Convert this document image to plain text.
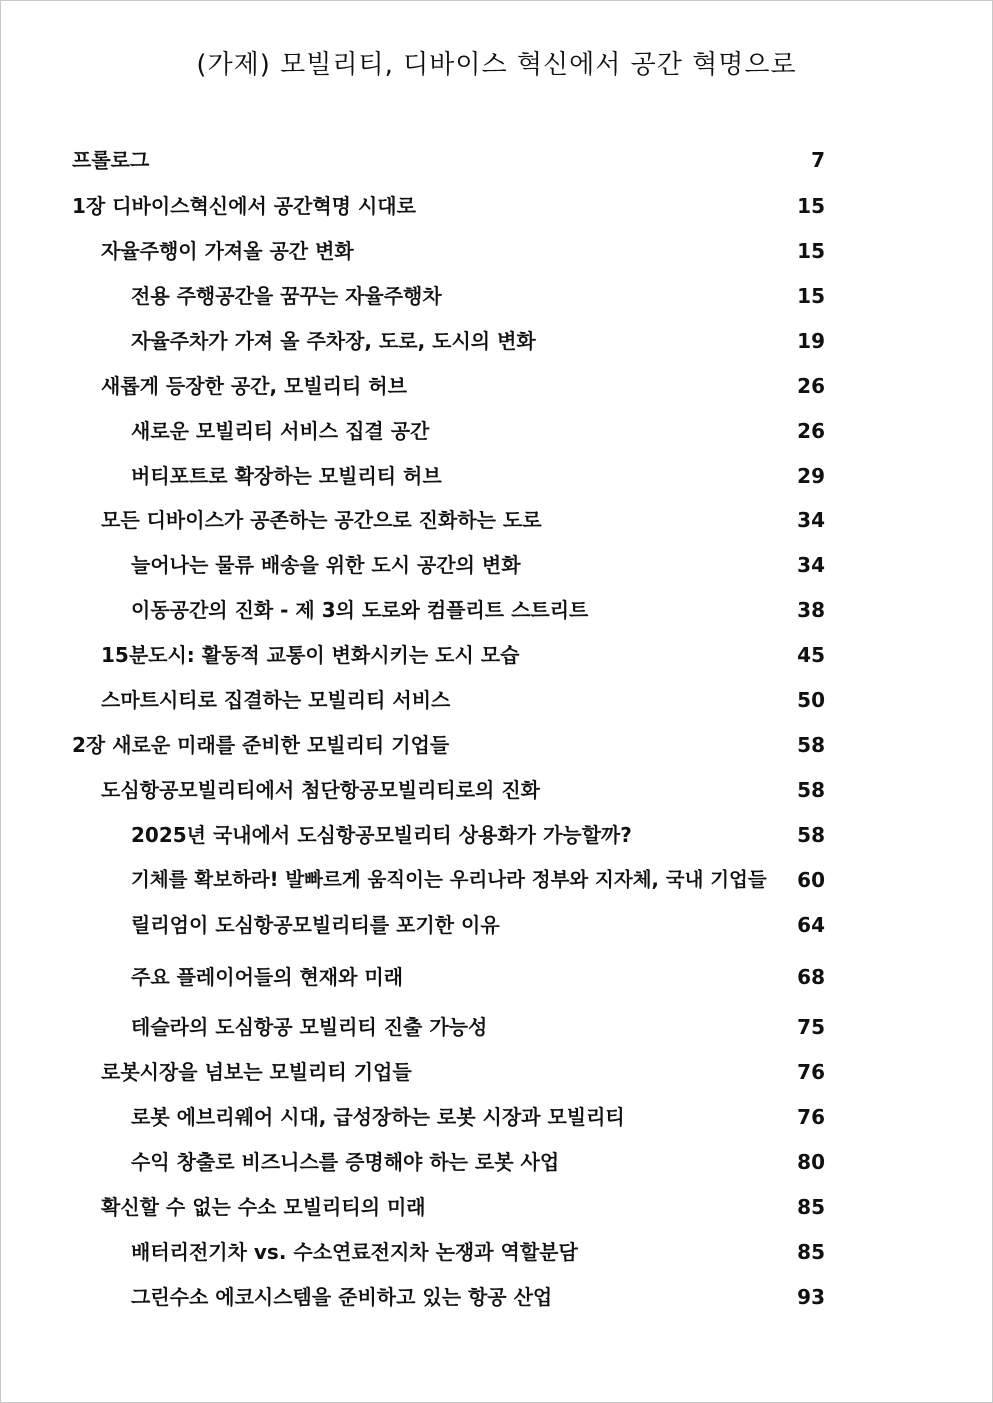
(가제) 모빌리티, 디바이스 혁신에서 공간 혁명으로
프롤로그	7
1장 디바이스혁신에서 공간혁명 시대로	15
자율주행이 가져올 공간 변화	15
전용 주행공간을 꿈꾸는 자율주행차	15
자율주차가 가져 올 주차장, 도로, 도시의 변화	19
새롭게 등장한 공간, 모빌리티 허브	26
새로운 모빌리티 서비스 집결 공간	26
버티포트로 확장하는 모빌리티 허브	29
모든 디바이스가 공존하는 공간으로 진화하는 도로	34
늘어나는 물류 배송을 위한 도시 공간의 변화	34
이동공간의 진화 - 제 3의 도로와 컴플리트 스트리트	38
15분도시: 활동적 교통이 변화시키는 도시 모습	45
스마트시티로 집결하는 모빌리티 서비스	50
2장 새로운 미래를 준비한 모빌리티 기업들	58
도심항공모빌리티에서 첨단항공모빌리티로의 진화	58
2025년 국내에서 도심항공모빌리티 상용화가 가능할까?	58
기체를 확보하라! 발빠르게 움직이는 우리나라 정부와 지자체, 국내 기업들 60
릴리엄이 도심항공모빌리티를 포기한 이유	64
주요 플레이어들의 현재와 미래	68
테슬라의 도심항공 모빌리티 진출 가능성	75
로봇시장을 넘보는 모빌리티 기업들	76
로봇 에브리웨어 시대, 급성장하는 로봇 시장과 모빌리티	76
수익 창출로 비즈니스를 증명해야 하는 로봇 사업	80
확신할 수 없는 수소 모빌리티의 미래	85
배터리전기차 vs. 수소연료전지차 논쟁과 역할분담	85
그린수소 에코시스템을 준비하고 있는 항공 산업	93
